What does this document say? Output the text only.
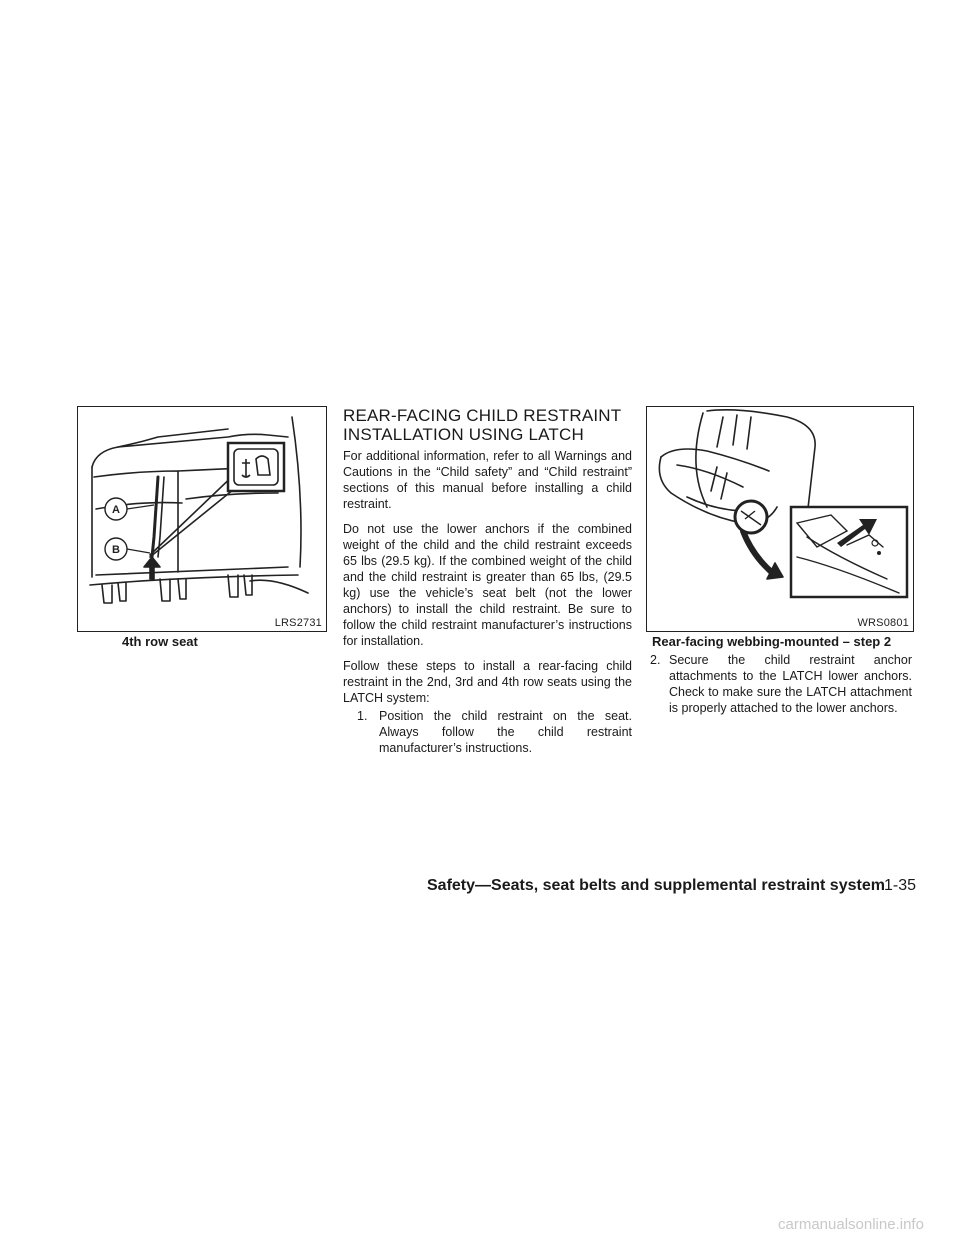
A
B
LRS2731
4th row seat
REAR-FACING CHILD RESTRAINT
INSTALLATION USING LATCH

For additional information, refer to all Warnings and Cautions in the “Child safety” and “Child restraint” sections of this manual before installing a child restraint.

Do not use the lower anchors if the combined weight of the child and the child restraint exceeds 65 lbs (29.5 kg). If the combined weight of the child and the child restraint is greater than 65 lbs, (29.5 kg) use the vehicle’s seat belt (not the lower anchors) to install the child restraint. Be sure to follow the child restraint manufacturer’s instructions for installation.

Follow these steps to install a rear-facing child restraint in the 2nd, 3rd and 4th row seats using the LATCH system:

1. Position the child restraint on the seat. Always follow the child restraint manufacturer’s instructions.
WRS0801
Rear-facing webbing-mounted – step 2
2. Secure the child restraint anchor attachments to the LATCH lower anchors. Check to make sure the LATCH attachment is properly attached to the lower anchors.
Safety—Seats, seat belts and supplemental restraint system 1-35
carmanualsonline.info
